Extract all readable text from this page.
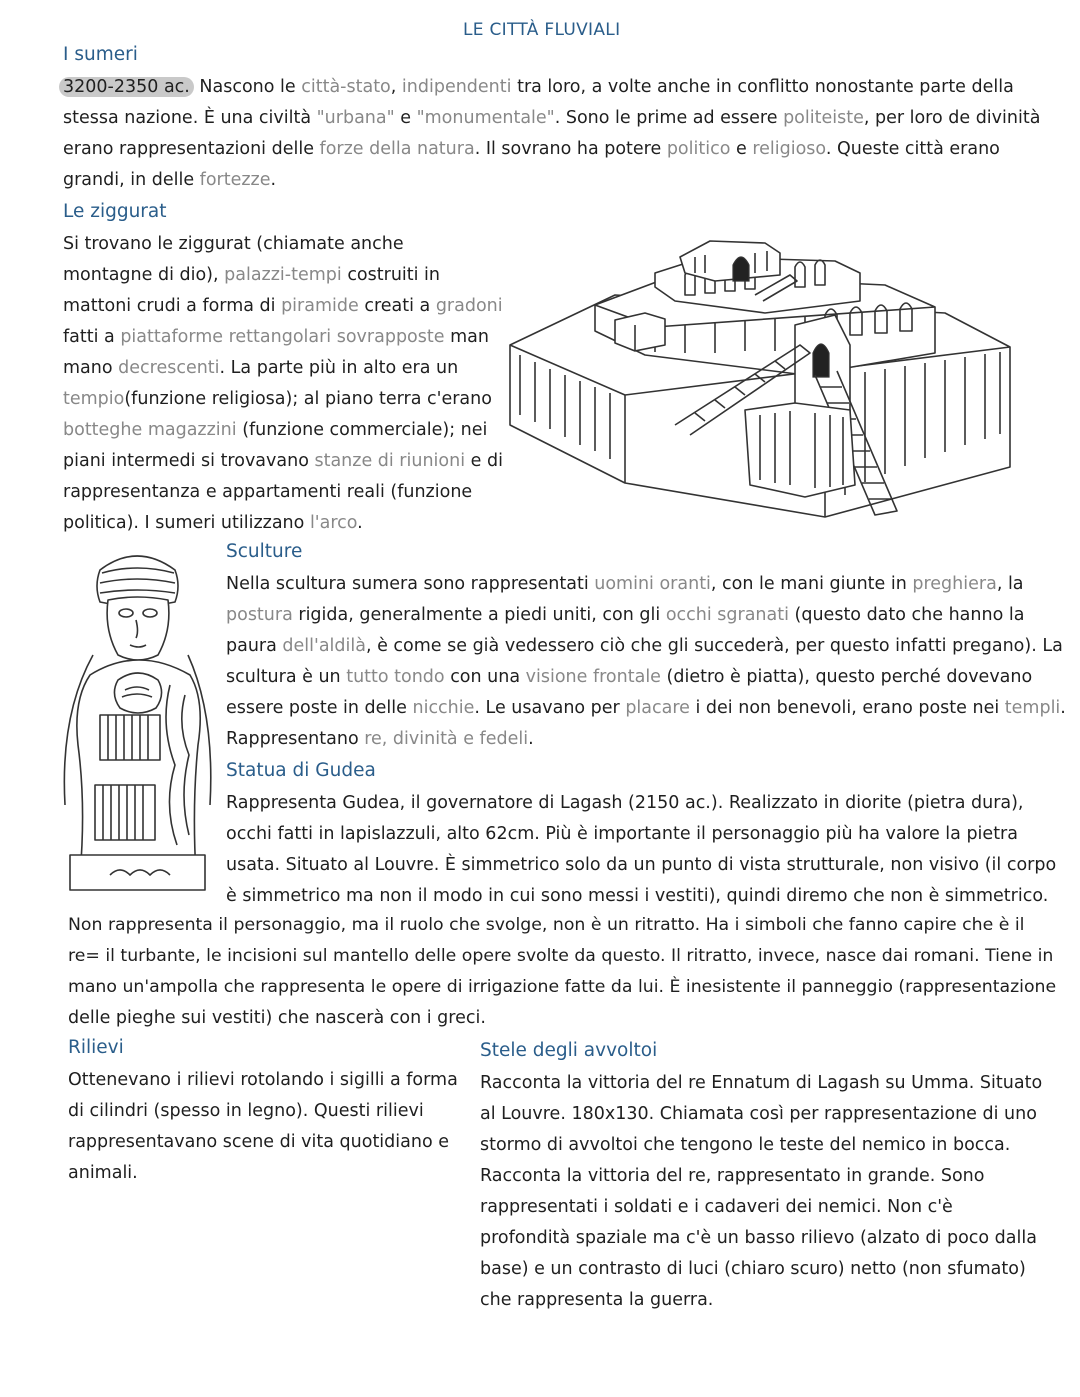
LE CITTÀ FLUVIALI
I sumeri
3200-2350 ac. Nascono le città-stato, indipendenti tra loro, a volte anche in conflitto nonostante parte della
stessa nazione. È una civiltà "urbana" e "monumentale". Sono le prime ad essere politeiste, per loro de divinità
erano rappresentazioni delle forze della natura. Il sovrano ha potere politico e religioso. Queste città erano
grandi, in delle fortezze.
Le ziggurat
Si trovano le ziggurat (chiamate anche
montagne di dio), palazzi-tempi costruiti in
mattoni crudi a forma di piramide creati a gradoni
fatti a piattaforme rettangolari sovrapposte man
mano decrescenti. La parte più in alto era un
tempio(funzione religiosa); al piano terra c'erano
botteghe magazzini (funzione commerciale); nei
piani intermedi si trovavano stanze di riunioni e di
rappresentanza e appartamenti reali (funzione
politica). I sumeri utilizzano l'arco.
Sculture
Nella scultura sumera sono rappresentati uomini oranti, con le mani giunte in preghiera, la
postura rigida, generalmente a piedi uniti, con gli occhi sgranati (questo dato che hanno la
paura dell'aldilà, è come se già vedessero ciò che gli succederà, per questo infatti pregano). La
scultura è un tutto tondo con una visione frontale (dietro è piatta), questo perché dovevano
essere poste in delle nicchie. Le usavano per placare i dei non benevoli, erano poste nei templi.
Rappresentano re, divinità e fedeli.
Statua di Gudea
Rappresenta Gudea, il governatore di Lagash (2150 ac.). Realizzato in diorite (pietra dura),
occhi fatti in lapislazzuli, alto 62cm. Più è importante il personaggio più ha valore la pietra
usata. Situato al Louvre. È simmetrico solo da un punto di vista strutturale, non visivo (il corpo
è simmetrico ma non il modo in cui sono messi i vestiti), quindi diremo che non è simmetrico.
Non rappresenta il personaggio, ma il ruolo che svolge, non è un ritratto. Ha i simboli che fanno capire che è il
re= il turbante, le incisioni sul mantello delle opere svolte da questo. Il ritratto, invece, nasce dai romani. Tiene in
mano un'ampolla che rappresenta le opere di irrigazione fatte da lui. È inesistente il panneggio (rappresentazione
delle pieghe sui vestiti) che nascerà con i greci.
Rilievi
Ottenevano i rilievi rotolando i sigilli a forma
di cilindri (spesso in legno). Questi rilievi
rappresentavano scene di vita quotidiano e
animali.
Stele degli avvoltoi
Racconta la vittoria del re Ennatum di Lagash su Umma. Situato
al Louvre. 180x130. Chiamata così per rappresentazione di uno
stormo di avvoltoi che tengono le teste del nemico in bocca.
Racconta la vittoria del re, rappresentato in grande. Sono
rappresentati i soldati e i cadaveri dei nemici. Non c'è
profondità spaziale ma c'è un basso rilievo (alzato di poco dalla
base) e un contrasto di luci (chiaro scuro) netto (non sfumato)
che rappresenta la guerra.
